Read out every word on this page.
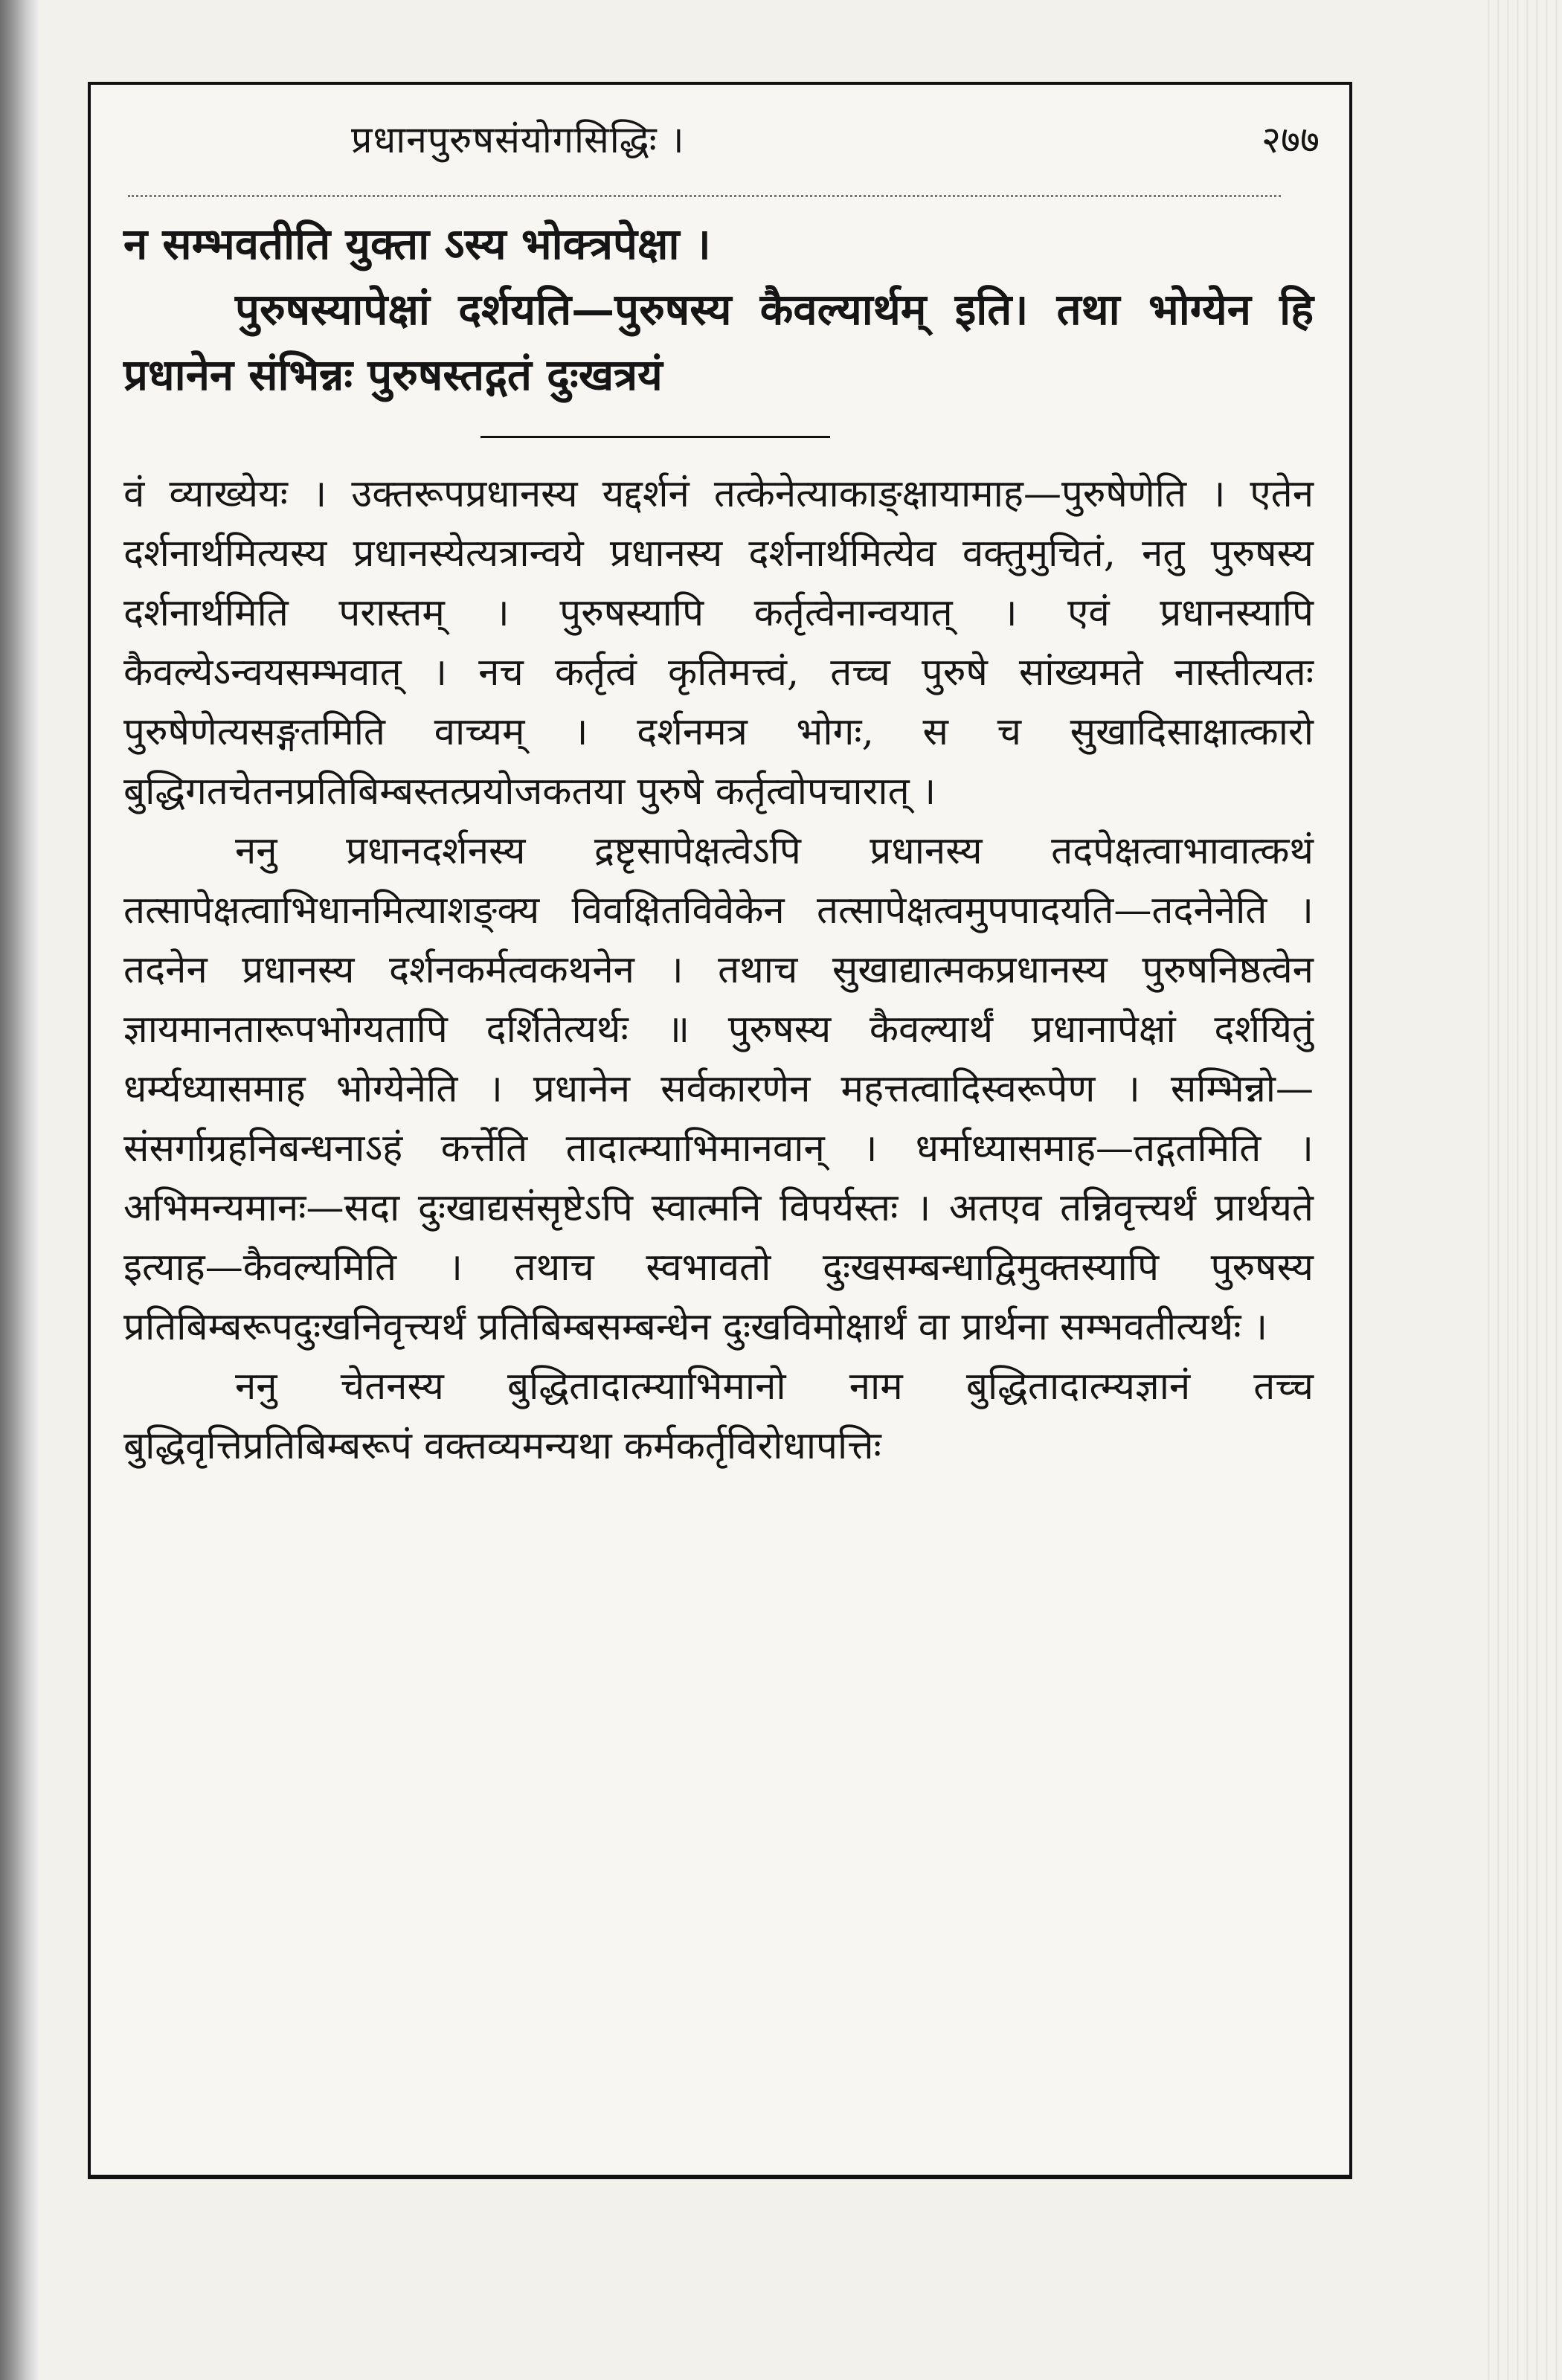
प्रधानपुरुषसंयोगसिद्धिः ।	२७७

न सम्भवतीति युक्ता ऽस्य भोक्त्रपेक्षा ।

पुरुषस्यापेक्षां दर्शयति—पुरुषस्य कैवल्यार्थम् इति। तथा भोग्येन हि प्रधानेन संभिन्नः पुरुषस्तद्गतं दुःखत्रयं

वं व्याख्येयः । उक्तरूपप्रधानस्य यद्दर्शनं तत्केनेत्याकाङ्क्षायामाह—पुरुषेणेति । एतेन दर्शनार्थमित्यस्य प्रधानस्येत्यत्रान्वये प्रधानस्य दर्शनार्थमित्येव वक्तुमुचितं, नतु पुरुषस्य दर्शनार्थमिति परास्तम् । पुरुषस्यापि कर्तृत्वेनान्वयात् । एवं प्रधानस्यापि कैवल्येऽन्वयसम्भवात् । नच कर्तृत्वं कृतिमत्त्वं, तच्च पुरुषे सांख्यमते नास्तीत्यतः पुरुषेणेत्यसङ्गतमिति वाच्यम् । दर्शनमत्र भोगः, स च सुखादिसाक्षात्कारो बुद्धिगतचेतनप्रतिबिम्बस्तत्प्रयोजकतया पुरुषे कर्तृत्वोपचारात् ।

ननु प्रधानदर्शनस्य द्रष्टृसापेक्षत्वेऽपि प्रधानस्य तदपेक्षत्वाभावात्कथं तत्सापेक्षत्वाभिधानमित्याशङ्क्य विवक्षितविवेकेन तत्सापेक्षत्वमुपपादयति—तदनेनेति । तदनेन प्रधानस्य दर्शनकर्मत्वकथनेन । तथाच सुखाद्यात्मकप्रधानस्य पुरुषनिष्ठत्वेन ज्ञायमानतारूपभोग्यतापि दर्शितेत्यर्थः ॥ पुरुषस्य कैवल्यार्थं प्रधानापेक्षां दर्शयितुं धर्म्यध्यासमाह भोग्येनेति । प्रधानेन सर्वकारणेन महत्तत्वादिस्वरूपेण । सम्भिन्नो—संसर्गाग्रहनिबन्धनाऽहं कर्त्तेति तादात्म्याभिमानवान् । धर्माध्यासमाह—तद्गतमिति । अभिमन्यमानः—सदा दुःखाद्यसंसृष्टेऽपि स्वात्मनि विपर्यस्तः । अतएव तन्निवृत्त्यर्थं प्रार्थयते इत्याह—कैवल्यमिति । तथाच स्वभावतो दुःखसम्बन्धाद्विमुक्तस्यापि पुरुषस्य प्रतिबिम्बरूपदुःखनिवृत्त्यर्थं प्रतिबिम्बसम्बन्धेन दुःखविमोक्षार्थं वा प्रार्थना सम्भवतीत्यर्थः ।

ननु चेतनस्य बुद्धितादात्म्याभिमानो नाम बुद्धितादात्म्यज्ञानं तच्च बुद्धिवृत्तिप्रतिबिम्बरूपं वक्तव्यमन्यथा कर्मकर्तृविरोधापत्तिः
